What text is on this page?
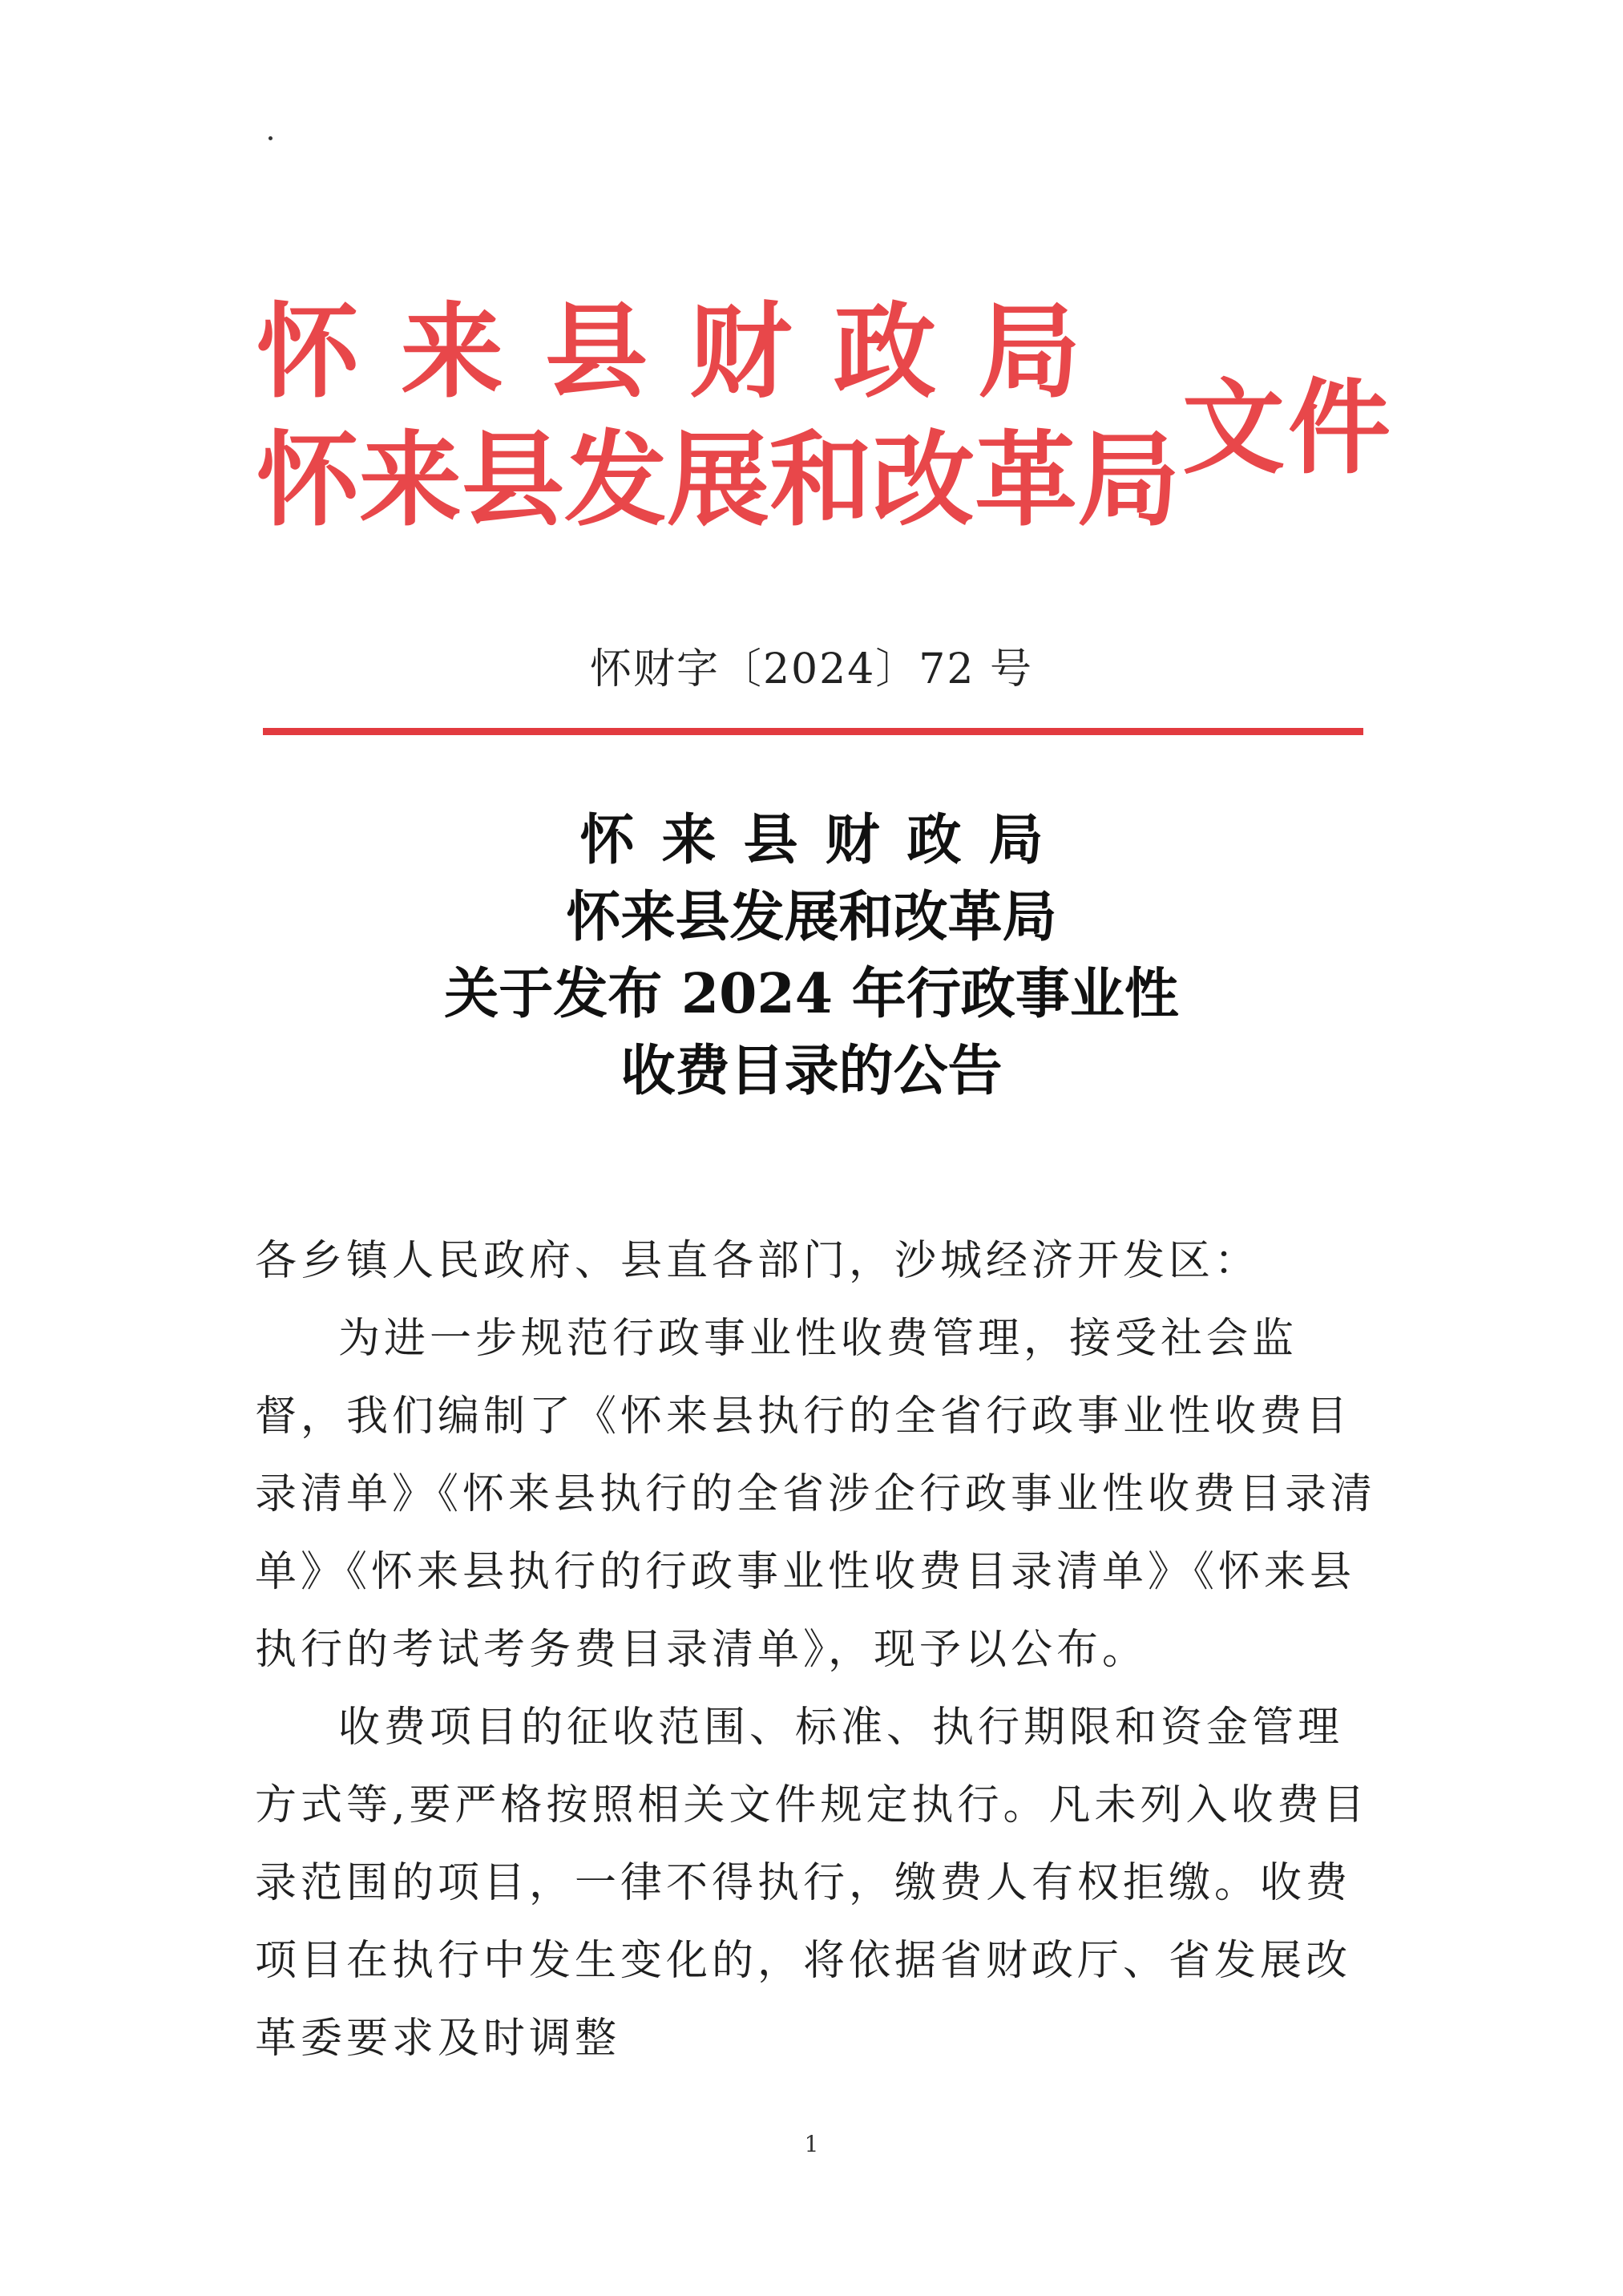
怀来县财政局
怀来县发展和改革局 文件
怀财字〔2024〕72 号
怀来县财政局
怀来县发展和改革局
关于发布 2024 年行政事业性
收费目录的公告

各乡镇人民政府、县直各部门，沙城经济开发区：

为进一步规范行政事业性收费管理，接受社会监督，我们编制了《怀来县执行的全省行政事业性收费目录清单》《怀来县执行的全省涉企行政事业性收费目录清单》《怀来县执行的行政事业性收费目录清单》《怀来县执行的考试考务费目录清单》，现予以公布。

收费项目的征收范围、标准、执行期限和资金管理方式等,要严格按照相关文件规定执行。凡未列入收费目录范围的项目，一律不得执行，缴费人有权拒缴。收费项目在执行中发生变化的，将依据省财政厅、省发展改革委要求及时调整

1
